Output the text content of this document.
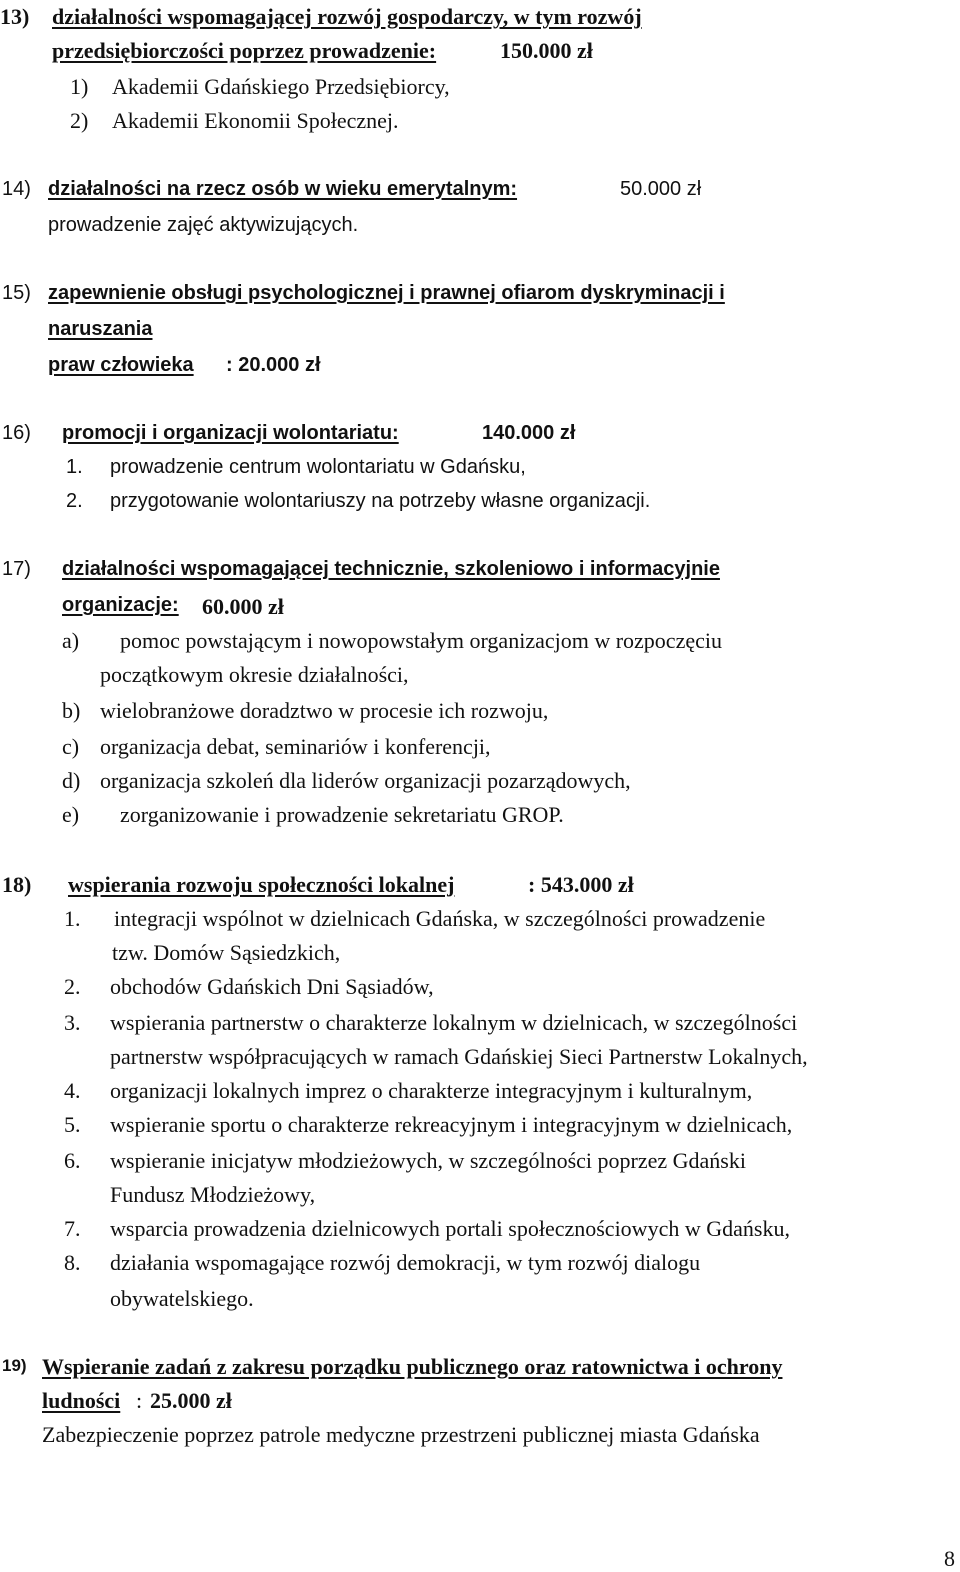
13) działalności wspomagającej rozwój gospodarczy, w tym rozwój
przedsiębiorczości poprzez prowadzenie:	150.000 zł
1) Akademii Gdańskiego Przedsiębiorcy,
2) Akademii Ekonomii Społecznej.
14) działalności na rzecz osób w wieku emerytalnym:	50.000 zł
prowadzenie zajęć aktywizujących.
15) zapewnienie obsługi psychologicznej i prawnej ofiarom dyskryminacji i
naruszania
praw człowieka : 20.000 zł
16) promocji i organizacji wolontariatu:	140.000 zł
1. prowadzenie centrum wolontariatu w Gdańsku,
2. przygotowanie wolontariuszy na potrzeby własne organizacji.
17) działalności wspomagającej technicznie, szkoleniowo i informacyjnie
organizacje: 60.000 zł
a) pomoc powstającym i nowopowstałym organizacjom w rozpoczęciu
początkowym okresie działalności,
b) wielobranżowe doradztwo w procesie ich rozwoju,
c) organizacja debat, seminariów i konferencji,
d) organizacja szkoleń dla liderów organizacji pozarządowych,
e) zorganizowanie i prowadzenie sekretariatu GROP.
18) wspierania rozwoju społeczności lokalnej	: 543.000 zł
1. integracji wspólnot w dzielnicach Gdańska, w szczególności prowadzenie
tzw. Domów Sąsiedzkich,
2. obchodów Gdańskich Dni Sąsiadów,
3. wspierania partnerstw o charakterze lokalnym w dzielnicach, w szczególności
partnerstw współpracujących w ramach Gdańskiej Sieci Partnerstw Lokalnych,
4. organizacji lokalnych imprez o charakterze integracyjnym i kulturalnym,
5. wspieranie sportu o charakterze rekreacyjnym i integracyjnym w dzielnicach,
6. wspieranie inicjatyw młodzieżowych, w szczególności poprzez Gdański
Fundusz Młodzieżowy,
7. wsparcia prowadzenia dzielnicowych portali społecznościowych w Gdańsku,
8. działania wspomagające rozwój demokracji, w tym rozwój dialogu
obywatelskiego.
19) Wspieranie zadań z zakresu porządku publicznego oraz ratownictwa i ochrony
ludności : 25.000 zł
Zabezpieczenie poprzez patrole medyczne przestrzeni publicznej miasta Gdańska
8
